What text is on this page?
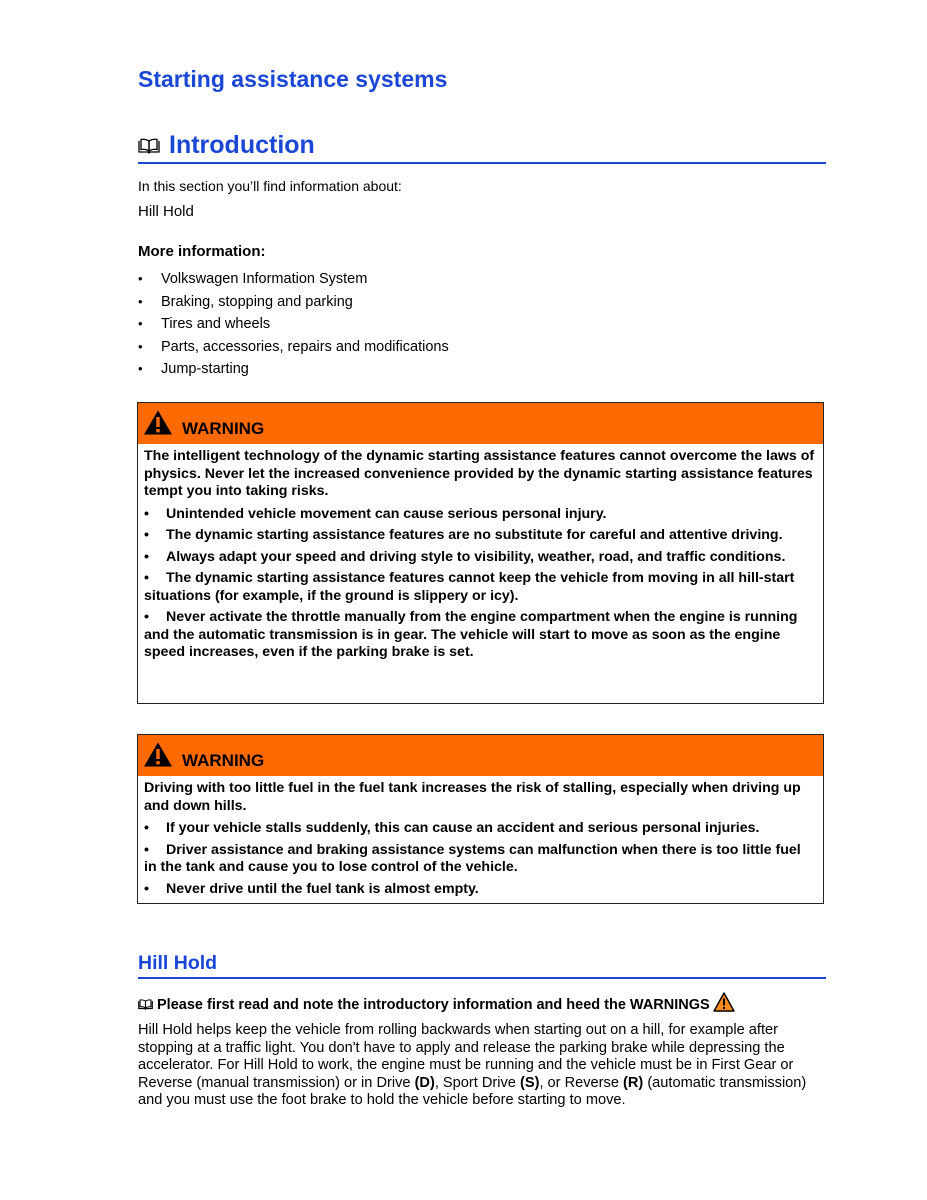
Starting assistance systems
Introduction
In this section you’ll find information about:
Hill Hold
More information:
• Volkswagen Information System
• Braking, stopping and parking
• Tires and wheels
• Parts, accessories, repairs and modifications
• Jump-starting
WARNING

The intelligent technology of the dynamic starting assistance features cannot overcome the laws of physics. Never let the increased convenience provided by the dynamic starting assistance features tempt you into taking risks.

• Unintended vehicle movement can cause serious personal injury.
• The dynamic starting assistance features are no substitute for careful and attentive driving.
• Always adapt your speed and driving style to visibility, weather, road, and traffic conditions.
• The dynamic starting assistance features cannot keep the vehicle from moving in all hill-start situations (for example, if the ground is slippery or icy).
• Never activate the throttle manually from the engine compartment when the engine is running and the automatic transmission is in gear. The vehicle will start to move as soon as the engine speed increases, even if the parking brake is set.
WARNING

Driving with too little fuel in the fuel tank increases the risk of stalling, especially when driving up and down hills.

• If your vehicle stalls suddenly, this can cause an accident and serious personal injuries.
• Driver assistance and braking assistance systems can malfunction when there is too little fuel in the tank and cause you to lose control of the vehicle.
• Never drive until the fuel tank is almost empty.
Hill Hold
Please first read and note the introductory information and heed the WARNINGS

Hill Hold helps keep the vehicle from rolling backwards when starting out on a hill, for example after stopping at a traffic light. You don't have to apply and release the parking brake while depressing the accelerator. For Hill Hold to work, the engine must be running and the vehicle must be in First Gear or Reverse (manual transmission) or in Drive (D), Sport Drive (S), or Reverse (R) (automatic transmission) and you must use the foot brake to hold the vehicle before starting to move.
